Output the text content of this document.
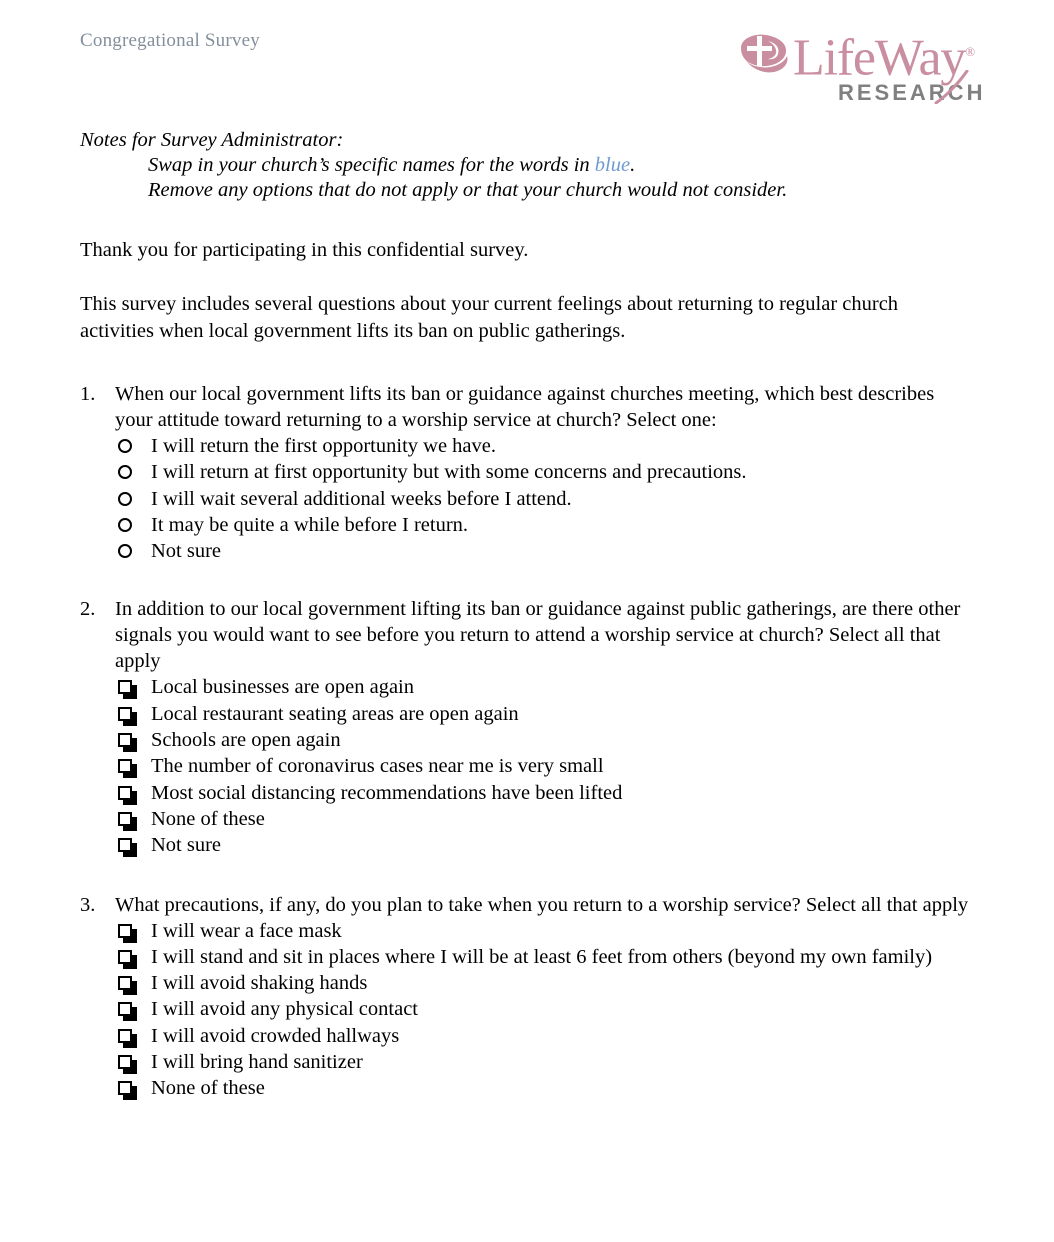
Congregational Survey	LifeWay®
RESEARCH

Notes for Survey Administrator:

Swap in your church’s specific names for the words in blue.

Remove any options that do not apply or that your church would not consider.

Thank you for participating in this confidential survey.

This survey includes several questions about your current feelings about returning to regular church activities when local government lifts its ban on public gatherings.

1. When our local government lifts its ban or guidance against churches meeting, which best describes your attitude toward returning to a worship service at church? Select one:
I will return the first opportunity we have.
I will return at first opportunity but with some concerns and precautions.
I will wait several additional weeks before I attend.
It may be quite a while before I return.
Not sure
2. In addition to our local government lifting its ban or guidance against public gatherings, are there other signals you would want to see before you return to attend a worship service at church? Select all that apply
Local businesses are open again
Local restaurant seating areas are open again
Schools are open again
The number of coronavirus cases near me is very small
Most social distancing recommendations have been lifted
None of these
Not sure
3. What precautions, if any, do you plan to take when you return to a worship service? Select all that apply
I will wear a face mask
I will stand and sit in places where I will be at least 6 feet from others (beyond my own family)
I will avoid shaking hands
I will avoid any physical contact
I will avoid crowded hallways
I will bring hand sanitizer
None of these
